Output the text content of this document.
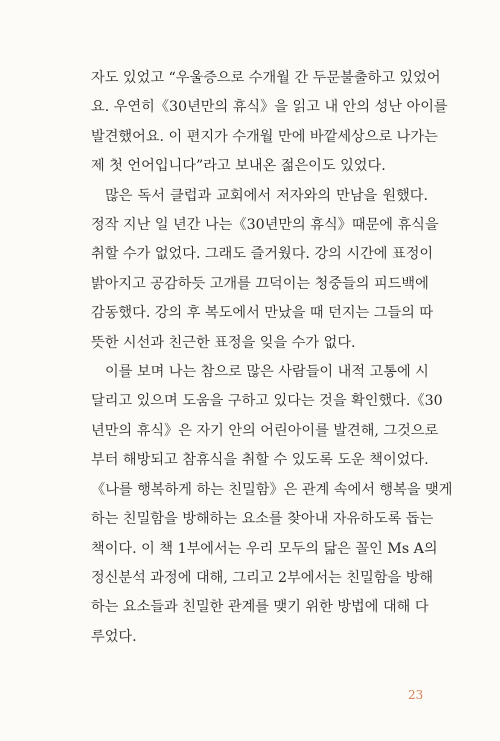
자도 있었고 “우울증으로 수개월 간 두문불출하고 있었어
요. 우연히《30년만의 휴식》을 읽고 내 안의 성난 아이를
발견했어요. 이 편지가 수개월 만에 바깥세상으로 나가는
제 첫 언어입니다”라고 보내온 젊은이도 있었다.

많은 독서 클럽과 교회에서 저자와의 만남을 원했다.
정작 지난 일 년간 나는《30년만의 휴식》때문에 휴식을
취할 수가 없었다. 그래도 즐거웠다. 강의 시간에 표정이
밝아지고 공감하듯 고개를 끄덕이는 청중들의 피드백에
감동했다. 강의 후 복도에서 만났을 때 던지는 그들의 따
뜻한 시선과 친근한 표정을 잊을 수가 없다.

이를 보며 나는 참으로 많은 사람들이 내적 고통에 시
달리고 있으며 도움을 구하고 있다는 것을 확인했다.《30
년만의 휴식》은 자기 안의 어린아이를 발견해, 그것으로
부터 해방되고 참휴식을 취할 수 있도록 도운 책이었다.
《나를 행복하게 하는 친밀함》은 관계 속에서 행복을 맺게
하는 친밀함을 방해하는 요소를 찾아내 자유하도록 돕는
책이다. 이 책 1부에서는 우리 모두의 닮은 꼴인 Ms A의
정신분석 과정에 대해, 그리고 2부에서는 친밀함을 방해
하는 요소들과 친밀한 관계를 맺기 위한 방법에 대해 다
루었다.

23
